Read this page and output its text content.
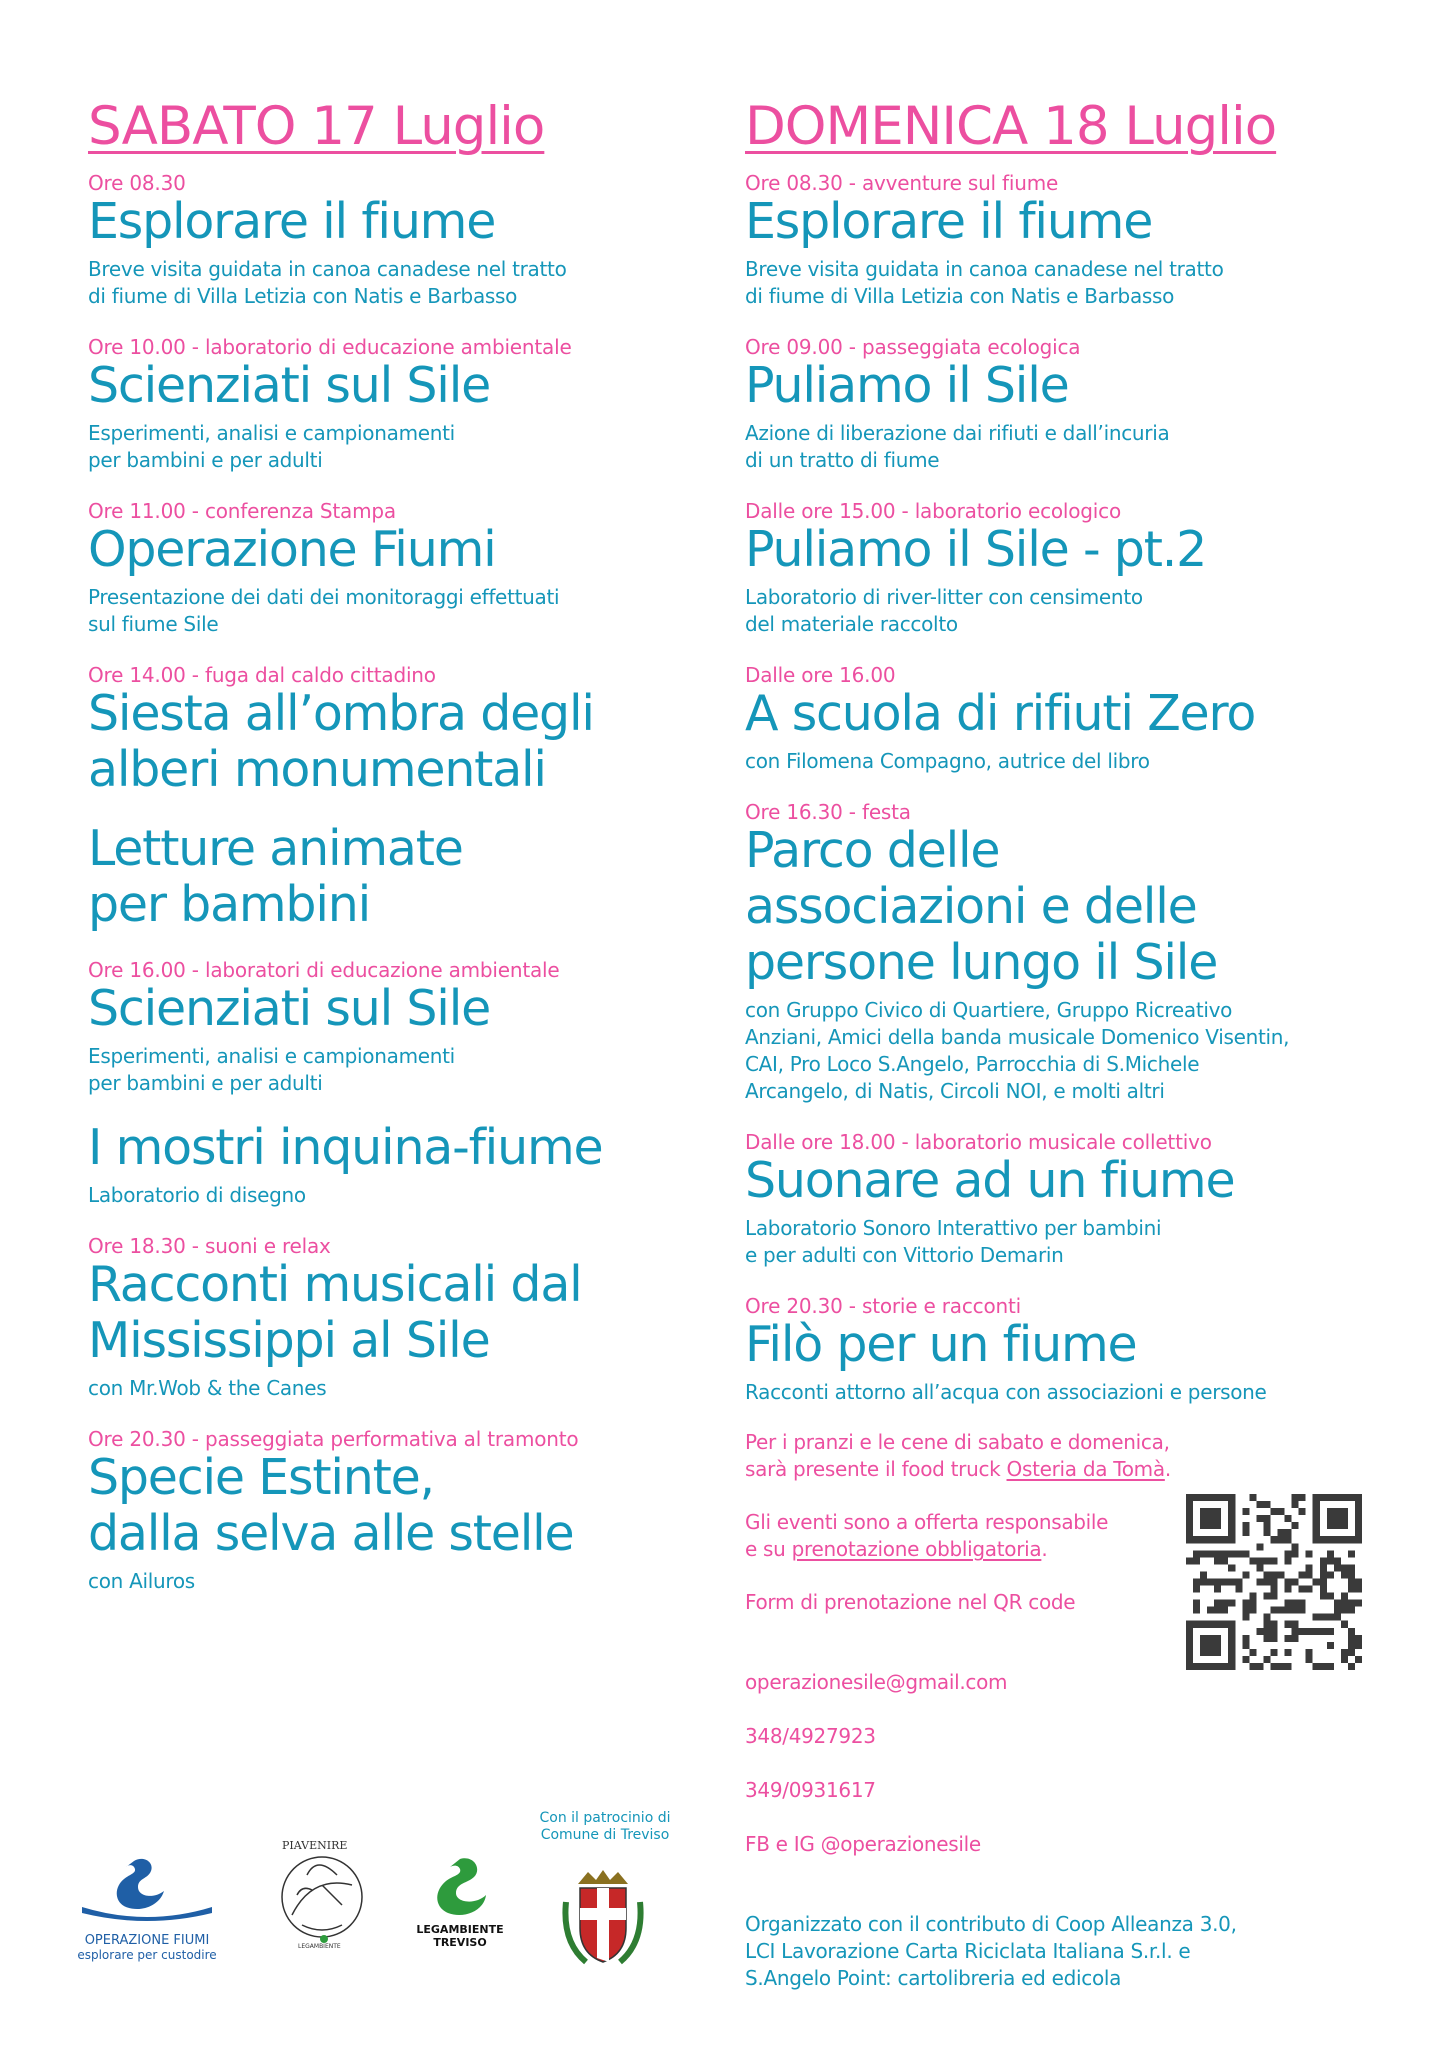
SABATO 17 Luglio
Ore 08.30
Esplorare il fiume
Breve visita guidata in canoa canadese nel tratto
di fiume di Villa Letizia con Natis e Barbasso
Ore 10.00 - laboratorio di educazione ambientale
Scienziati sul Sile
Esperimenti, analisi e campionamenti
per bambini e per adulti
Ore 11.00 - conferenza Stampa
Operazione Fiumi
Presentazione dei dati dei monitoraggi effettuati
sul fiume Sile
Ore 14.00 - fuga dal caldo cittadino
Siesta all’ombra degli
alberi monumentali
Letture animate
per bambini
Ore 16.00 - laboratori di educazione ambientale
Scienziati sul Sile
Esperimenti, analisi e campionamenti
per bambini e per adulti
I mostri inquina-fiume
Laboratorio di disegno
Ore 18.30 - suoni e relax
Racconti musicali dal
Mississippi al Sile
con Mr.Wob & the Canes
Ore 20.30 - passeggiata performativa al tramonto
Specie Estinte,
dalla selva alle stelle
con Ailuros
DOMENICA 18 Luglio
Ore 08.30 - avventure sul fiume
Esplorare il fiume
Breve visita guidata in canoa canadese nel tratto
di fiume di Villa Letizia con Natis e Barbasso
Ore 09.00 - passeggiata ecologica
Puliamo il Sile
Azione di liberazione dai rifiuti e dall’incuria
di un tratto di fiume
Dalle ore 15.00 - laboratorio ecologico
Puliamo il Sile - pt.2
Laboratorio di river-litter con censimento
del materiale raccolto
Dalle ore 16.00
A scuola di rifiuti Zero
con Filomena Compagno, autrice del libro
Ore 16.30 - festa
Parco delle
associazioni e delle
persone lungo il Sile
con Gruppo Civico di Quartiere, Gruppo Ricreativo
Anziani, Amici della banda musicale Domenico Visentin,
CAI, Pro Loco S.Angelo, Parrocchia di S.Michele
Arcangelo, di Natis, Circoli NOI, e molti altri
Dalle ore 18.00 - laboratorio musicale collettivo
Suonare ad un fiume
Laboratorio Sonoro Interattivo per bambini
e per adulti con Vittorio Demarin
Ore 20.30 - storie e racconti
Filò per un fiume
Racconti attorno all’acqua con associazioni e persone
Per i pranzi e le cene di sabato e domenica,
sarà presente il food truck Osteria da Tomà.
Gli eventi sono a offerta responsabile
e su prenotazione obbligatoria.
Form di prenotazione nel QR code

operazionesile@gmail.com

348/4927923

349/0931617

FB e IG @operazionesile

Organizzato con il contributo di Coop Alleanza 3.0,
LCI Lavorazione Carta Riciclata Italiana S.r.l. e
S.Angelo Point: cartolibreria ed edicola
OPERAZIONE FIUMI
esplorare per custodire
PIAVENIRE
LEGAMBIENTE
LEGAMBIENTE
TREVISO
Con il patrocinio di
Comune di Treviso
